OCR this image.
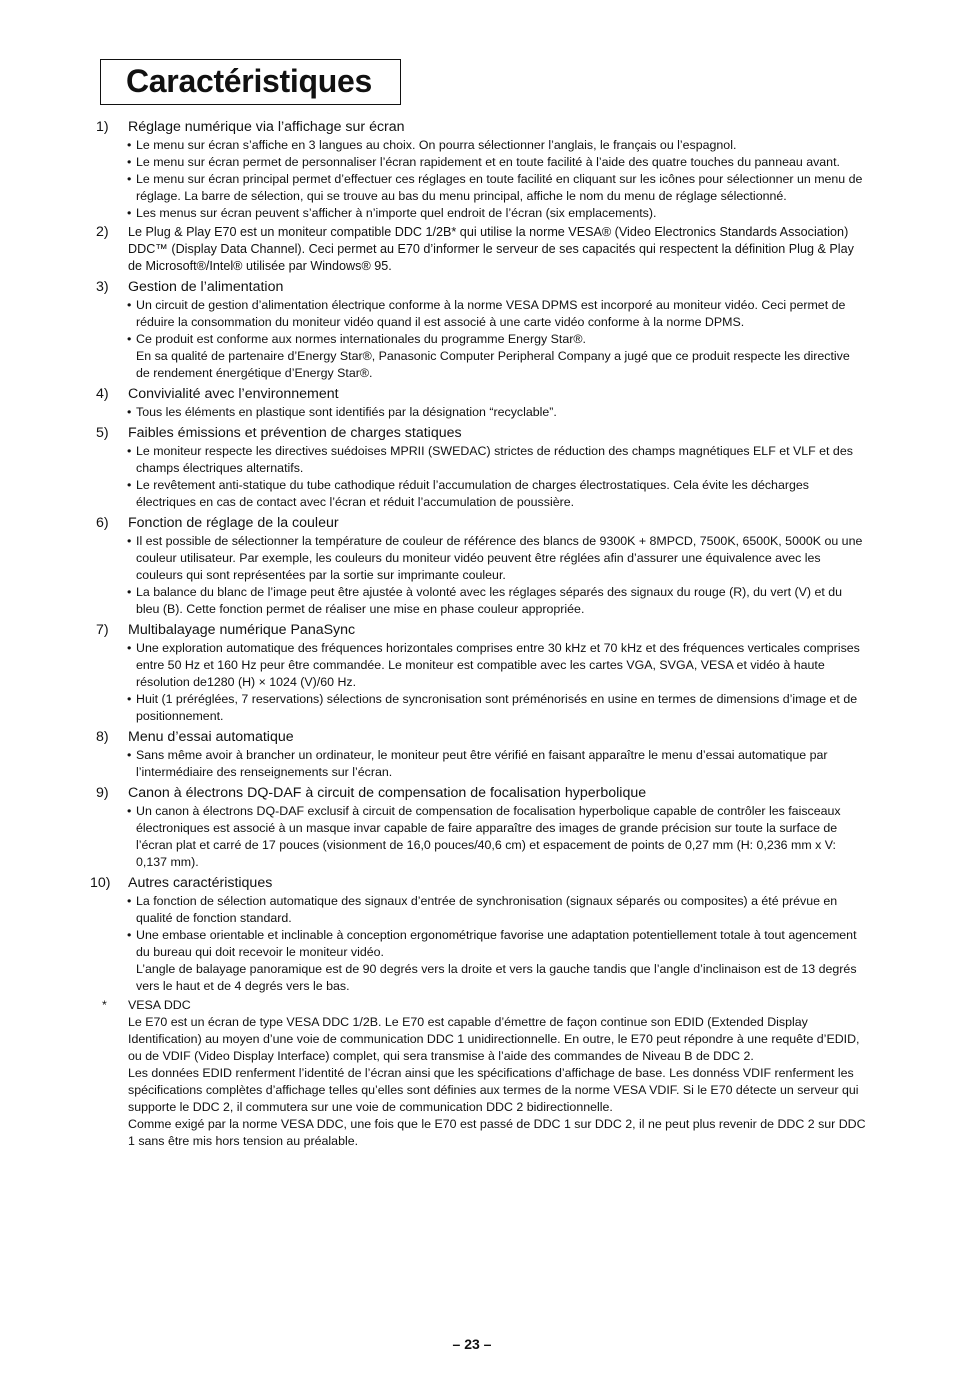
Caractéristiques
1) Réglage numérique via l’affichage sur écran
• Le menu sur écran s’affiche en 3 langues au choix. On pourra sélectionner l’anglais, le français ou l’espagnol.
• Le menu sur écran permet de personnaliser l’écran rapidement et en toute facilité à l’aide des quatre touches du panneau avant.
• Le menu sur écran principal permet d’effectuer ces réglages en toute facilité en cliquant sur les icônes pour sélectionner un menu de réglage. La barre de sélection, qui se trouve au bas du menu principal, affiche le nom du menu de réglage sélectionné.
• Les menus sur écran peuvent s’afficher à n’importe quel endroit de l’écran (six emplacements).
2) Le Plug & Play E70 est un moniteur compatible DDC 1/2B* qui utilise la norme VESA® (Video Electronics Standards Association) DDC™ (Display Data Channel). Ceci permet au E70 d’informer le serveur de ses capacités qui respectent la définition Plug & Play de Microsoft®/Intel® utilisée par Windows® 95.
3) Gestion de l’alimentation
• Un circuit de gestion d’alimentation électrique conforme à la norme VESA DPMS est incorporé au moniteur vidéo. Ceci permet de réduire la consommation du moniteur vidéo quand il est associé à une carte vidéo conforme à la norme DPMS.
• Ce produit est conforme aux normes internationales du programme Energy Star®.
En sa qualité de partenaire d’Energy Star®, Panasonic Computer Peripheral Company a jugé que ce produit respecte les directive de rendement énergétique d’Energy Star®.
4) Convivialité avec l’environnement
• Tous les éléments en plastique sont identifiés par la désignation “recyclable”.
5) Faibles émissions et prévention de charges statiques
• Le moniteur respecte les directives suédoises MPRII (SWEDAC) strictes de réduction des champs magnétiques ELF et VLF et des champs électriques alternatifs.
• Le revêtement anti-statique du tube cathodique réduit l’accumulation de charges électrostatiques. Cela évite les décharges électriques en cas de contact avec l’écran et réduit l’accumulation de poussière.
6) Fonction de réglage de la couleur
• Il est possible de sélectionner la température de couleur de référence des blancs de 9300K + 8MPCD, 7500K, 6500K, 5000K ou une couleur utilisateur. Par exemple, les couleurs du moniteur vidéo peuvent être réglées afin d’assurer une équivalence avec les couleurs qui sont représentées par la sortie sur imprimante couleur.
• La balance du blanc de l’image peut être ajustée à volonté avec les réglages séparés des signaux du rouge (R), du vert (V) et du bleu (B). Cette fonction permet de réaliser une mise en phase couleur appropriée.
7) Multibalayage numérique PanaSync
• Une exploration automatique des fréquences horizontales comprises entre 30 kHz et 70 kHz et des fréquences verticales comprises entre 50 Hz et 160 Hz peur être commandée. Le moniteur est compatible avec les cartes VGA, SVGA, VESA et vidéo à haute résolution de1280 (H) × 1024 (V)/60 Hz.
• Huit (1 préréglées, 7 reservations) sélections de syncronisation sont préménorisés en usine en termes de dimensions d’image et de positionnement.
8) Menu d’essai automatique
• Sans même avoir à brancher un ordinateur, le moniteur peut être vérifié en faisant apparaître le menu d’essai automatique par l’intermédiaire des renseignements sur l’écran.
9) Canon à électrons DQ-DAF à circuit de compensation de focalisation hyperbolique
• Un canon à électrons DQ-DAF exclusif à circuit de compensation de focalisation hyperbolique capable de contrôler les faisceaux électroniques est associé à un masque invar capable de faire apparaître des images de grande précision sur toute la surface de l’écran plat et carré de 17 pouces (visionment de 16,0 pouces/40,6 cm) et espacement de points de 0,27 mm (H: 0,236 mm x V: 0,137 mm).
10) Autres caractéristiques
• La fonction de sélection automatique des signaux d’entrée de synchronisation (signaux séparés ou composites) a été prévue en qualité de fonction standard.
• Une embase orientable et inclinable à conception ergonométrique favorise une adaptation potentiellement totale à tout agencement du bureau qui doit recevoir le moniteur vidéo.
L’angle de balayage panoramique est de 90 degrés vers la droite et vers la gauche tandis que l’angle d’inclinaison est de 13 degrés vers le haut et de 4 degrés vers le bas.
*	VESA DDC
Le E70 est un écran de type VESA DDC 1/2B. Le E70 est capable d’émettre de façon continue son EDID (Extended Display Identification) au moyen d’une voie de communication DDC 1 unidirectionnelle. En outre, le E70 peut répondre à une requête d’EDID, ou de VDIF (Video Display Interface) complet, qui sera transmise à l’aide des commandes de Niveau B de DDC 2.
Les données EDID renferment l’identité de l’écran ainsi que les spécifications d’affichage de base. Les donnéss VDIF renferment les spécifications complètes d’affichage telles qu’elles sont définies aux termes de la norme VESA VDIF. Si le E70 détecte un serveur qui supporte le DDC 2, il commutera sur une voie de communication DDC 2 bidirectionnelle.
Comme exigé par la norme VESA DDC, une fois que le E70 est passé de DDC 1 sur DDC 2, il ne peut plus revenir de DDC 2 sur DDC 1 sans être mis hors tension au préalable.
– 23 –
